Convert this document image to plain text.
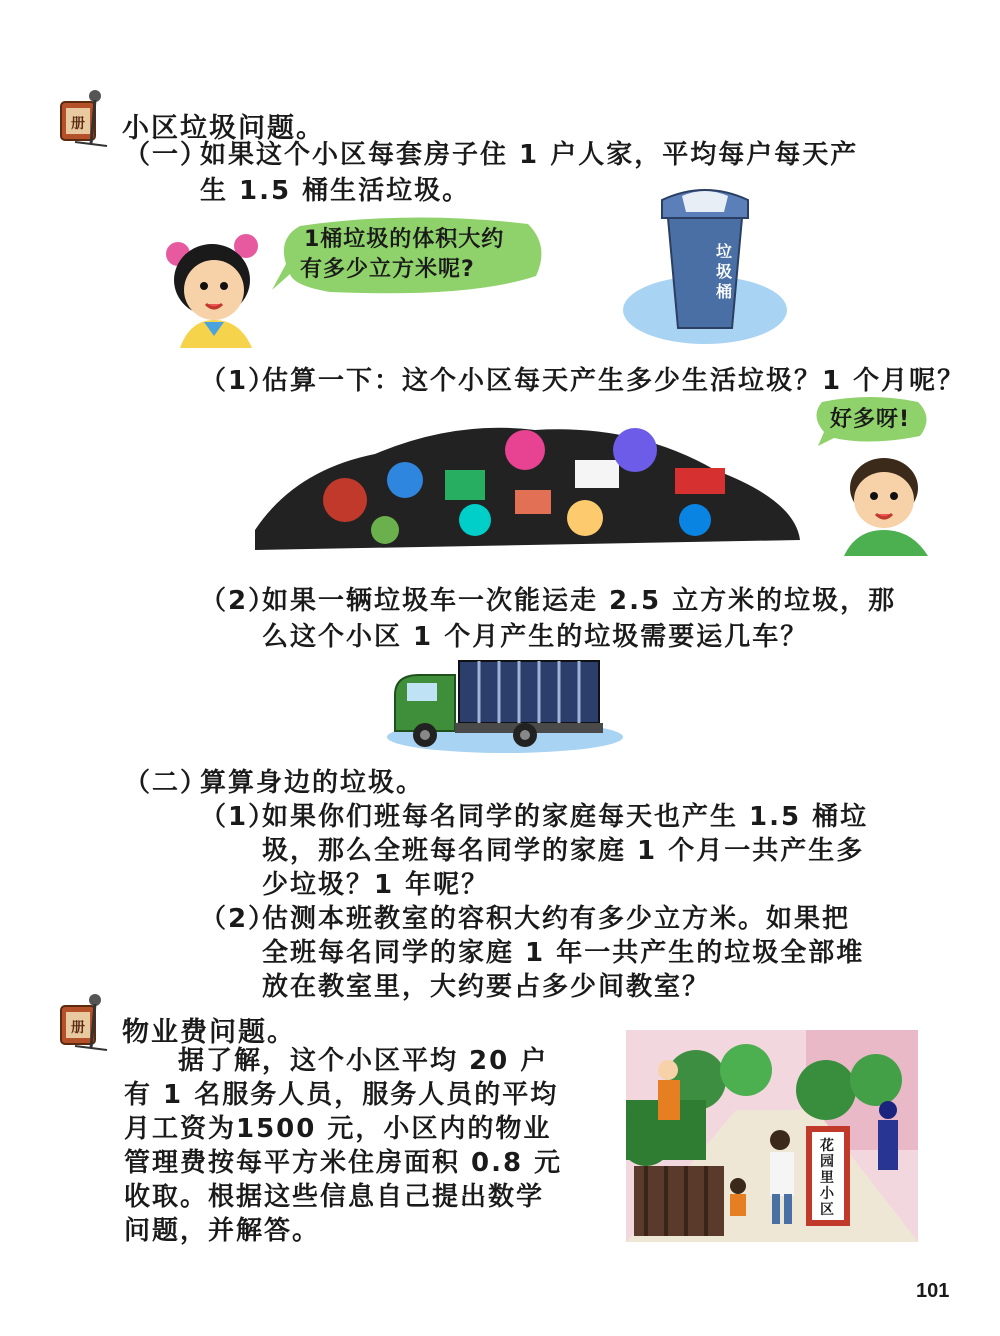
册 小区垃圾问题。
（一）
如果这个小区每套房子住 1 户人家，平均每户每天产
生 1.5 桶生活垃圾。
1桶垃圾的体积大约
有多少立方米呢?
垃圾桶
（1）
估算一下：这个小区每天产生多少生活垃圾？1 个月呢？
好多呀!
（2）
如果一辆垃圾车一次能运走 2.5 立方米的垃圾，那
么这个小区 1 个月产生的垃圾需要运几车？
（二）
算算身边的垃圾。
（1）
如果你们班每名同学的家庭每天也产生 1.5 桶垃
圾，那么全班每名同学的家庭 1 个月一共产生多
少垃圾？1 年呢？
（2）
估测本班教室的容积大约有多少立方米。如果把
全班每名同学的家庭 1 年一共产生的垃圾全部堆
放在教室里，大约要占多少间教室？
册 物业费问题。
据了解，这个小区平均 20 户
有 1 名服务人员，服务人员的平均
月工资为1500 元，小区内的物业
管理费按每平方米住房面积 0.8 元
收取。根据这些信息自己提出数学
问题，并解答。
花园里小区
101
